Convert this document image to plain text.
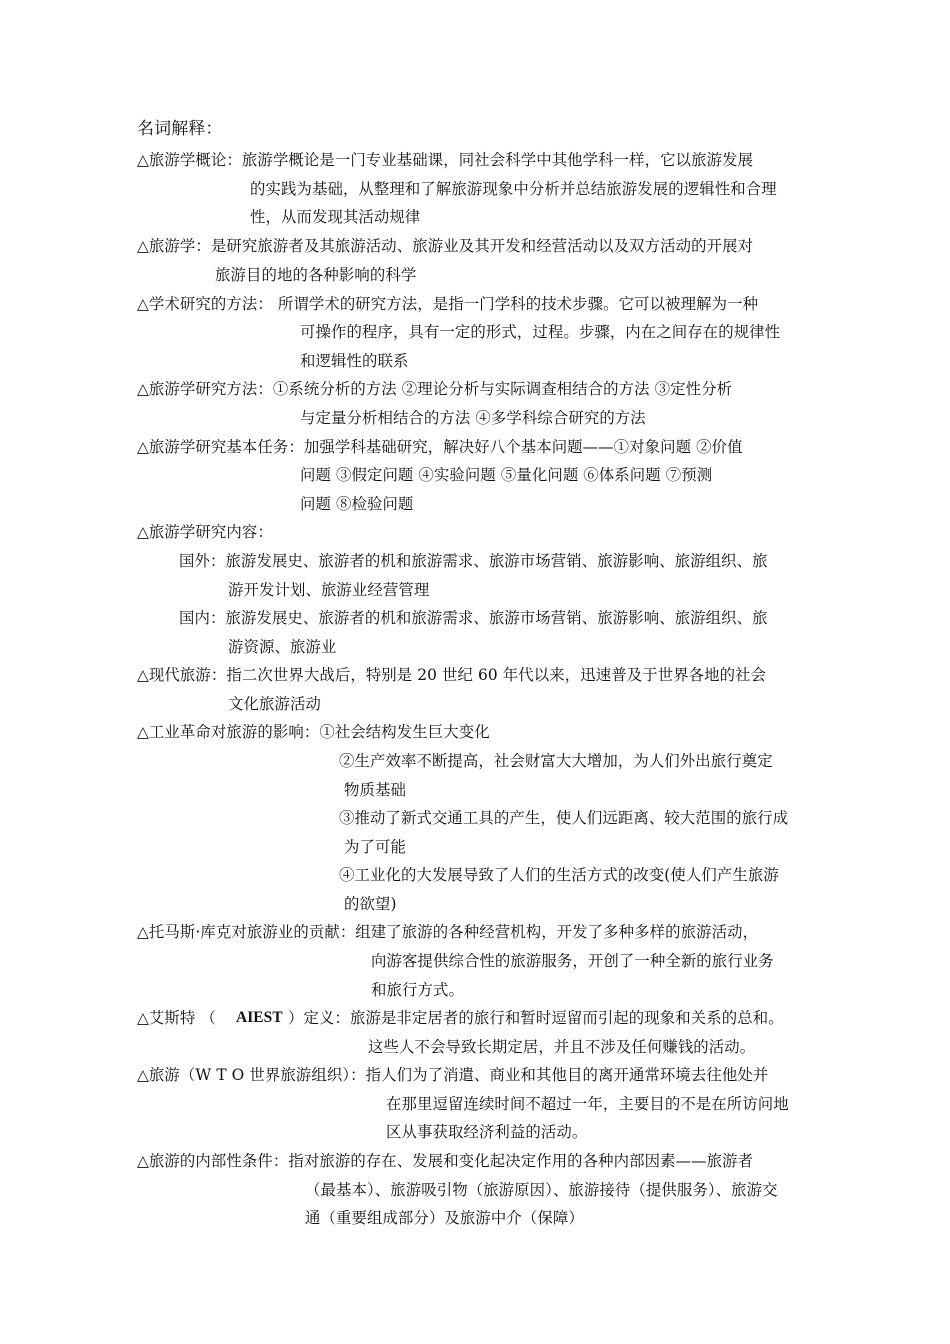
名词解释：
△旅游学概论：旅游学概论是一门专业基础课，同社会科学中其他学科一样，它以旅游发展
的实践为基础，从整理和了解旅游现象中分析并总结旅游发展的逻辑性和合理
性，从而发现其活动规律
△旅游学：是研究旅游者及其旅游活动、旅游业及其开发和经营活动以及双方活动的开展对
旅游目的地的各种影响的科学
△学术研究的方法： 所谓学术的研究方法，是指一门学科的技术步骤。它可以被理解为一种
可操作的程序，具有一定的形式，过程。步骤，内在之间存在的规律性
和逻辑性的联系
△旅游学研究方法：①系统分析的方法 ②理论分析与实际调查相结合的方法 ③定性分析
与定量分析相结合的方法 ④多学科综合研究的方法
△旅游学研究基本任务：加强学科基础研究，解决好八个基本问题——①对象问题 ②价值
问题 ③假定问题 ④实验问题 ⑤量化问题 ⑥体系问题 ⑦预测
问题 ⑧检验问题
△旅游学研究内容：
国外：旅游发展史、旅游者的机和旅游需求、旅游市场营销、旅游影响、旅游组织、旅
游开发计划、旅游业经营管理
国内：旅游发展史、旅游者的机和旅游需求、旅游市场营销、旅游影响、旅游组织、旅
游资源、旅游业
△现代旅游：指二次世界大战后，特别是 20 世纪 60 年代以来，迅速普及于世界各地的社会
文化旅游活动
△工业革命对旅游的影响：①社会结构发生巨大变化
②生产效率不断提高，社会财富大大增加，为人们外出旅行奠定
物质基础
③推动了新式交通工具的产生，使人们远距离、较大范围的旅行成
为了可能
④工业化的大发展导致了人们的生活方式的改变(使人们产生旅游
的欲望)
△托马斯·库克对旅游业的贡献：组建了旅游的各种经营机构，开发了多种多样的旅游活动，
向游客提供综合性的旅游服务，开创了一种全新的旅行业务
和旅行方式。
△艾斯特 （ AIEST ）定义：旅游是非定居者的旅行和暂时逗留而引起的现象和关系的总和。
这些人不会导致长期定居，并且不涉及任何赚钱的活动。
△旅游（W T O 世界旅游组织）：指人们为了消遣、商业和其他目的离开通常环境去往他处并
在那里逗留连续时间不超过一年，主要目的不是在所访问地
区从事获取经济利益的活动。
△旅游的内部性条件：指对旅游的存在、发展和变化起决定作用的各种内部因素——旅游者
（最基本）、旅游吸引物（旅游原因）、旅游接待（提供服务）、旅游交
通（重要组成部分）及旅游中介（保障）
